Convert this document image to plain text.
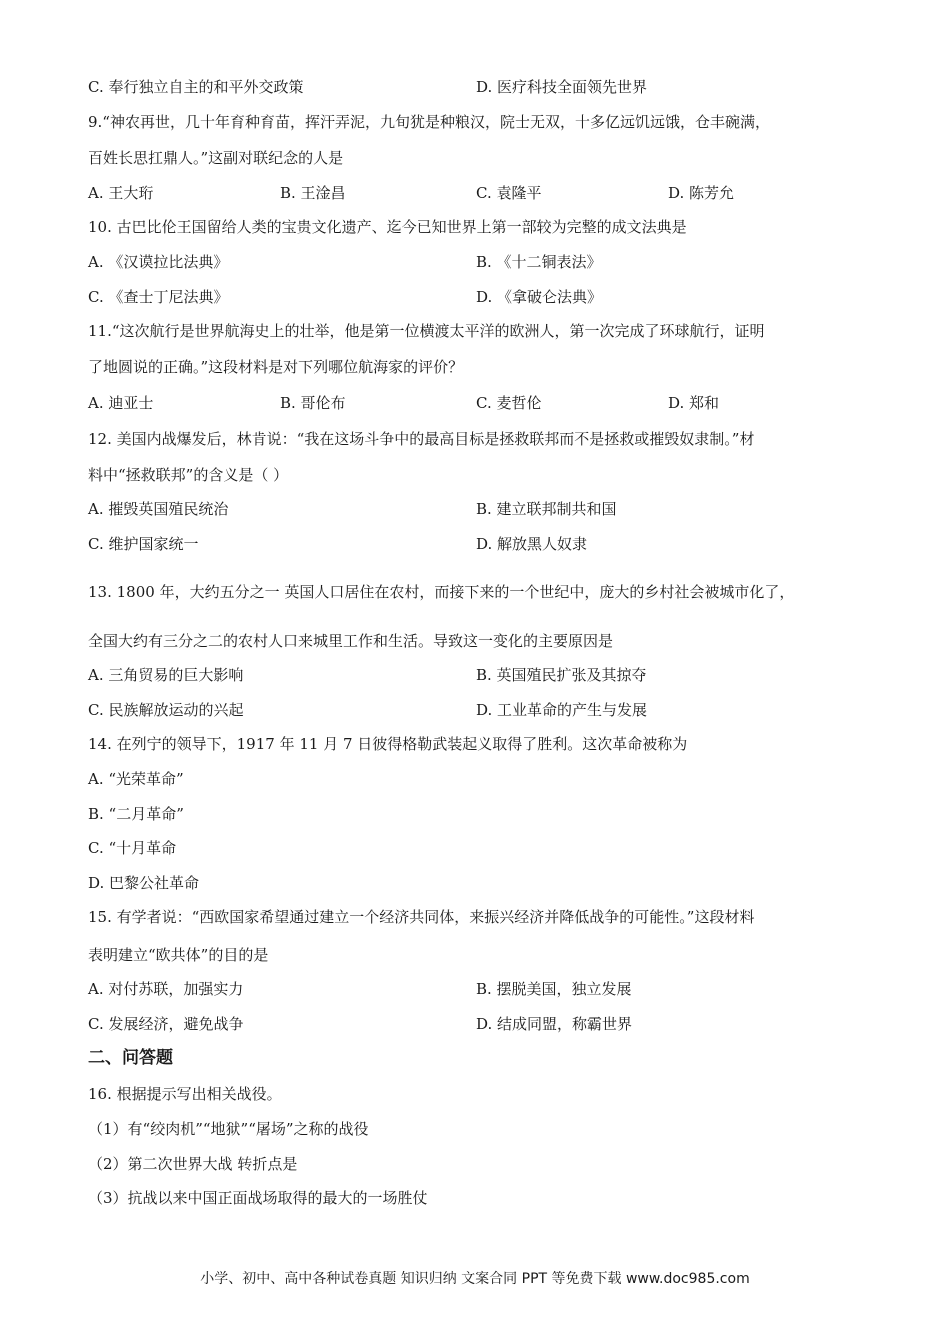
C. 奉行独立自主的和平外交政策	D. 医疗科技全面领先世界
9.“神农再世，几十年育种育苗，挥汗弄泥，九旬犹是种粮汉，院士无双，十多亿远饥远饿，仓丰碗满，
百姓长思扛鼎人。”这副对联纪念的人是
A. 王大珩	B. 王淦昌	C. 袁隆平	D. 陈芳允
10. 古巴比伦王国留给人类的宝贵文化遗产、迄今已知世界上第一部较为完整的成文法典是
A. 《汉谟拉比法典》	B. 《十二铜表法》
C. 《查士丁尼法典》	D. 《拿破仑法典》
11.“这次航行是世界航海史上的壮举，他是第一位横渡太平洋的欧洲人，第一次完成了环球航行，证明
了地圆说的正确。”这段材料是对下列哪位航海家的评价？
A. 迪亚士	B. 哥伦布	C. 麦哲伦	D. 郑和
12. 美国内战爆发后，林肯说：“我在这场斗争中的最高目标是拯救联邦而不是拯救或摧毁奴隶制。”材
料中“拯救联邦”的含义是（ ）
A. 摧毁英国殖民统治	B. 建立联邦制共和国
C. 维护国家统一	D. 解放黑人奴隶
13. 1800 年，大约五分之一 英国人口居住在农村，而接下来的一个世纪中，庞大的乡村社会被城市化了，
全国大约有三分之二的农村人口来城里工作和生活。导致这一变化的主要原因是
A. 三角贸易的巨大影响	B. 英国殖民扩张及其掠夺
C. 民族解放运动的兴起	D. 工业革命的产生与发展
14. 在列宁的领导下，1917 年 11 月 7 日彼得格勒武装起义取得了胜利。这次革命被称为
A. “光荣革命”
B. “二月革命”
C. “十月革命
D. 巴黎公社革命
15. 有学者说：“西欧国家希望通过建立一个经济共同体，来振兴经济并降低战争的可能性。”这段材料
表明建立“欧共体”的目的是
A. 对付苏联，加强实力	B. 摆脱美国，独立发展
C. 发展经济，避免战争	D. 结成同盟，称霸世界
二、问答题
16. 根据提示写出相关战役。
（1）有“绞肉机”“地狱”“屠场”之称的战役
（2）第二次世界大战 转折点是
（3）抗战以来中国正面战场取得的最大的一场胜仗
小学、初中、高中各种试卷真题 知识归纳 文案合同 PPT 等免费下载 www.doc985.com
